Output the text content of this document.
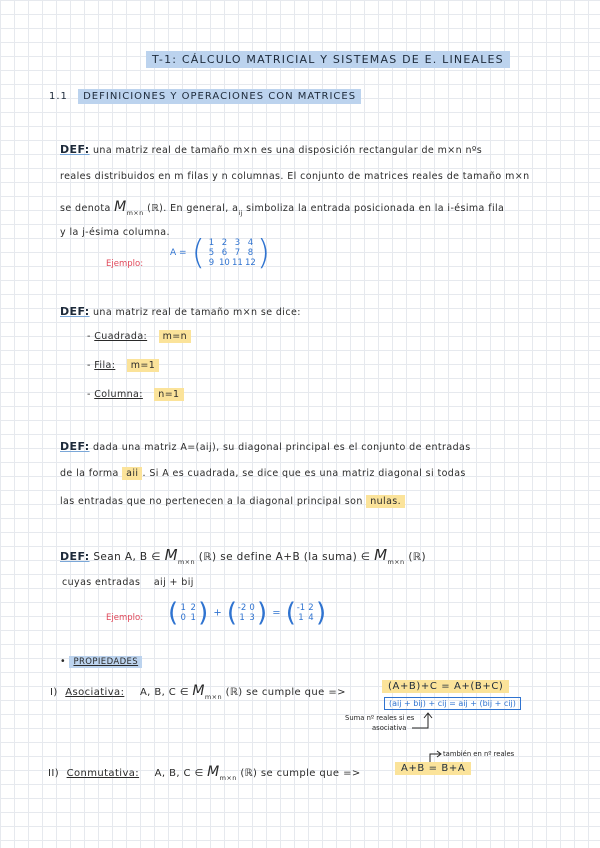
T-1: CÁLCULO MATRICIAL Y SISTEMAS DE E. LINEALES
1.1 DEFINICIONES Y OPERACIONES CON MATRICES
DEF: una matriz real de tamaño m×n es una disposición rectangular de m×n nºs
reales distribuidos en m filas y n columnas. El conjunto de matrices reales de tamaño m×n
se denota $M_{m\times n}$ (ℝ). En general, $a_{ij}$ simboliza la entrada posicionada en la i-ésima fila
y la j-ésima columna.
Ejemplo:
A = ( 1 2 3 4
5 6 7 8
9 10 11 12 )
DEF: una matriz real de tamaño m×n se dice:
- Cuadrada: m=n
- Fila: m=1
- Columna: n=1
DEF: dada una matriz A=(aij), su diagonal principal es el conjunto de entradas
de la forma aii . Si A es cuadrada, se dice que es una matriz diagonal si todas
las entradas que no pertenecen a la diagonal principal son nulas.
DEF: Sean A, B ∈ $M_{m\times n}$ (ℝ) se define A+B (la suma) ∈ $M_{m\times n}$ (ℝ)
cuyas entradas aij + bij
Ejemplo: ( 1 2
0 1 ) + ( -2 0
1 3 ) = ( -1 2
1 4 )
• PROPIEDADES
I) Asociativa: A, B, C ∈ $M_{m\times n}$ (ℝ) se cumple que =>
(A+B)+C = A+(B+C)
(aij + bij) + cij = aij + (bij + cij)
Suma nº reales si es
asociativa
II) Conmutativa: A, B, C ∈ $M_{m\times n}$ (ℝ) se cumple que =>	A+B = B+A
también en nº reales
